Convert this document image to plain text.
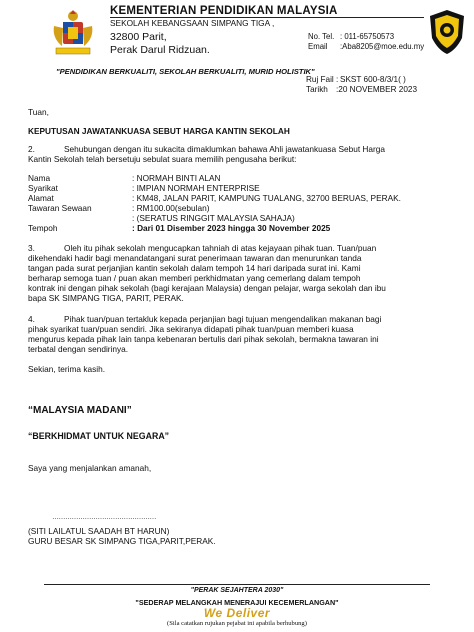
KEMENTERIAN PENDIDIKAN MALAYSIA
SEKOLAH KEBANGSAAN SIMPANG TIGA ,
32800 Parit,
Perak Darul Ridzuan.
No. Tel. : 011-65750573
Email :Aba8205@moe.edu.my
"PENDIDIKAN BERKUALITI, SEKOLAH BERKUALITI, MURID HOLISTIK"
Ruj Fail : SKST 600-8/3/1( )
Tarikh :20 NOVEMBER 2023
Tuan,
KEPUTUSAN JAWATANKUASA SEBUT HARGA KANTIN SEKOLAH
2.	Sehubungan dengan itu sukacita dimaklumkan bahawa Ahli jawatankuasa Sebut Harga
Kantin Sekolah telah bersetuju sebulat suara memilih pengusaha berikut:
Nama	: NORMAH BINTI ALAN
Syarikat	: IMPIAN NORMAH ENTERPRISE
Alamat	: KM48, JALAN PARIT, KAMPUNG TUALANG, 32700 BERUAS, PERAK.
Tawaran Sewaan	: RM100.00(sebulan)
: (SERATUS RINGGIT MALAYSIA SAHAJA)
Tempoh	: Dari 01 Disember 2023 hingga 30 November 2025
3.	Oleh itu pihak sekolah mengucapkan tahniah di atas kejayaan pihak tuan. Tuan/puan
dikehendaki hadir bagi menandatangani surat penerimaan tawaran dan menurunkan tanda
tangan pada surat perjanjian kantin sekolah dalam tempoh 14 hari daripada surat ini. Kami
berharap semoga tuan / puan akan memberi perkhidmatan yang cemerlang dalam tempoh
kontrak ini dengan pihak sekolah (bagi kerajaan Malaysia) dengan pelajar, warga sekolah dan ibu
bapa SK SIMPANG TIGA, PARIT, PERAK.
4.	Pihak tuan/puan tertakluk kepada perjanjian bagi tujuan mengendalikan makanan bagi
pihak syarikat tuan/puan sendiri. Jika sekiranya didapati pihak tuan/puan memberi kuasa
mengurus kepada pihak lain tanpa kebenaran bertulis dari pihak sekolah, bermakna tawaran ini
terbatal dengan sendirinya.
Sekian, terima kasih.
“MALAYSIA MADANI”
“BERKHIDMAT UNTUK NEGARA”
Saya yang menjalankan amanah,
…………………………………………
(SITI LAILATUL SAADAH BT HARUN)
GURU BESAR SK SIMPANG TIGA,PARIT,PERAK.
"PERAK SEJAHTERA 2030"
"SEDERAP MELANGKAH MENERAJUI KECEMERLANGAN"
We Deliver
(Sila catatkan rujukan pejabat ini apabila berhubung)
